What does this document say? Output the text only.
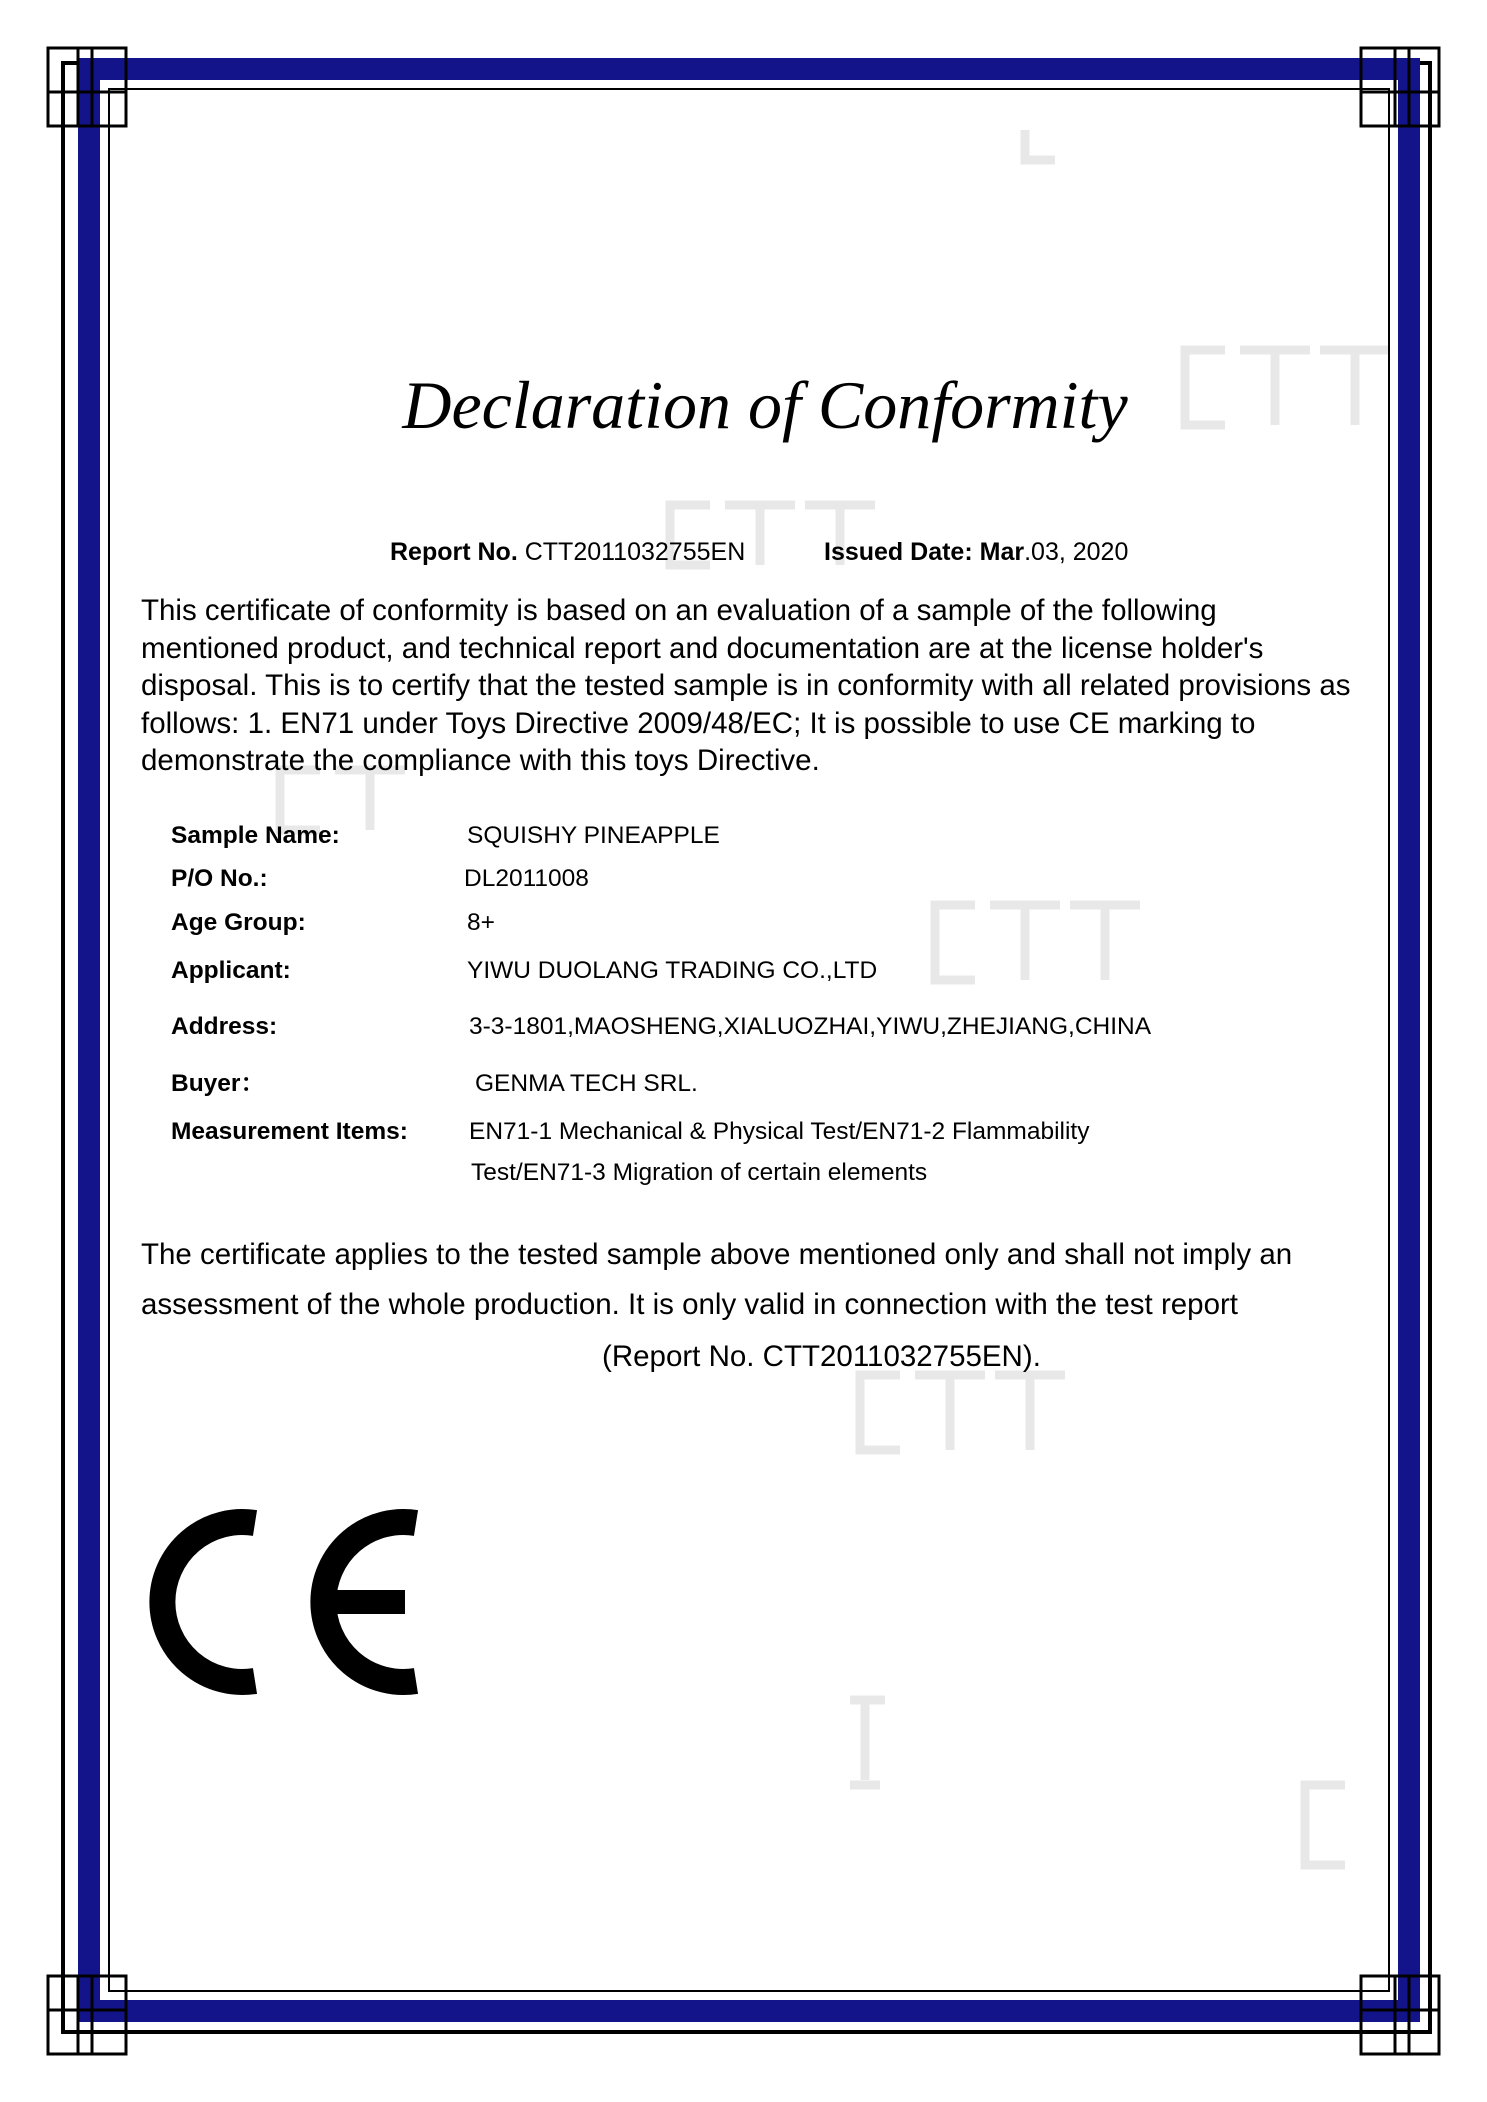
Declaration of Conformity
Report No. CTT2011032755EN	Issued Date: Mar.03, 2020
This certificate of conformity is based on an evaluation of a sample of the following mentioned product, and technical report and documentation are at the license holder's disposal. This is to certify that the tested sample is in conformity with all related provisions as follows: 1. EN71 under Toys Directive 2009/48/EC; It is possible to use CE marking to demonstrate the compliance with this toys Directive.
Sample Name:	SQUISHY PINEAPPLE
P/O No.:	DL2011008
Age Group:	8+
Applicant:	YIWU DUOLANG TRADING CO.,LTD
Address:	3-3-1801,MAOSHENG,XIALUOZHAI,YIWU,ZHEJIANG,CHINA
Buyer：	GENMA TECH SRL.
Measurement Items: EN71-1 Mechanical & Physical Test/EN71-2 Flammability
Test/EN71-3 Migration of certain elements
The certificate applies to the tested sample above mentioned only and shall not imply an
assessment of the whole production. It is only valid in connection with the test report
(Report No. CTT2011032755EN).
